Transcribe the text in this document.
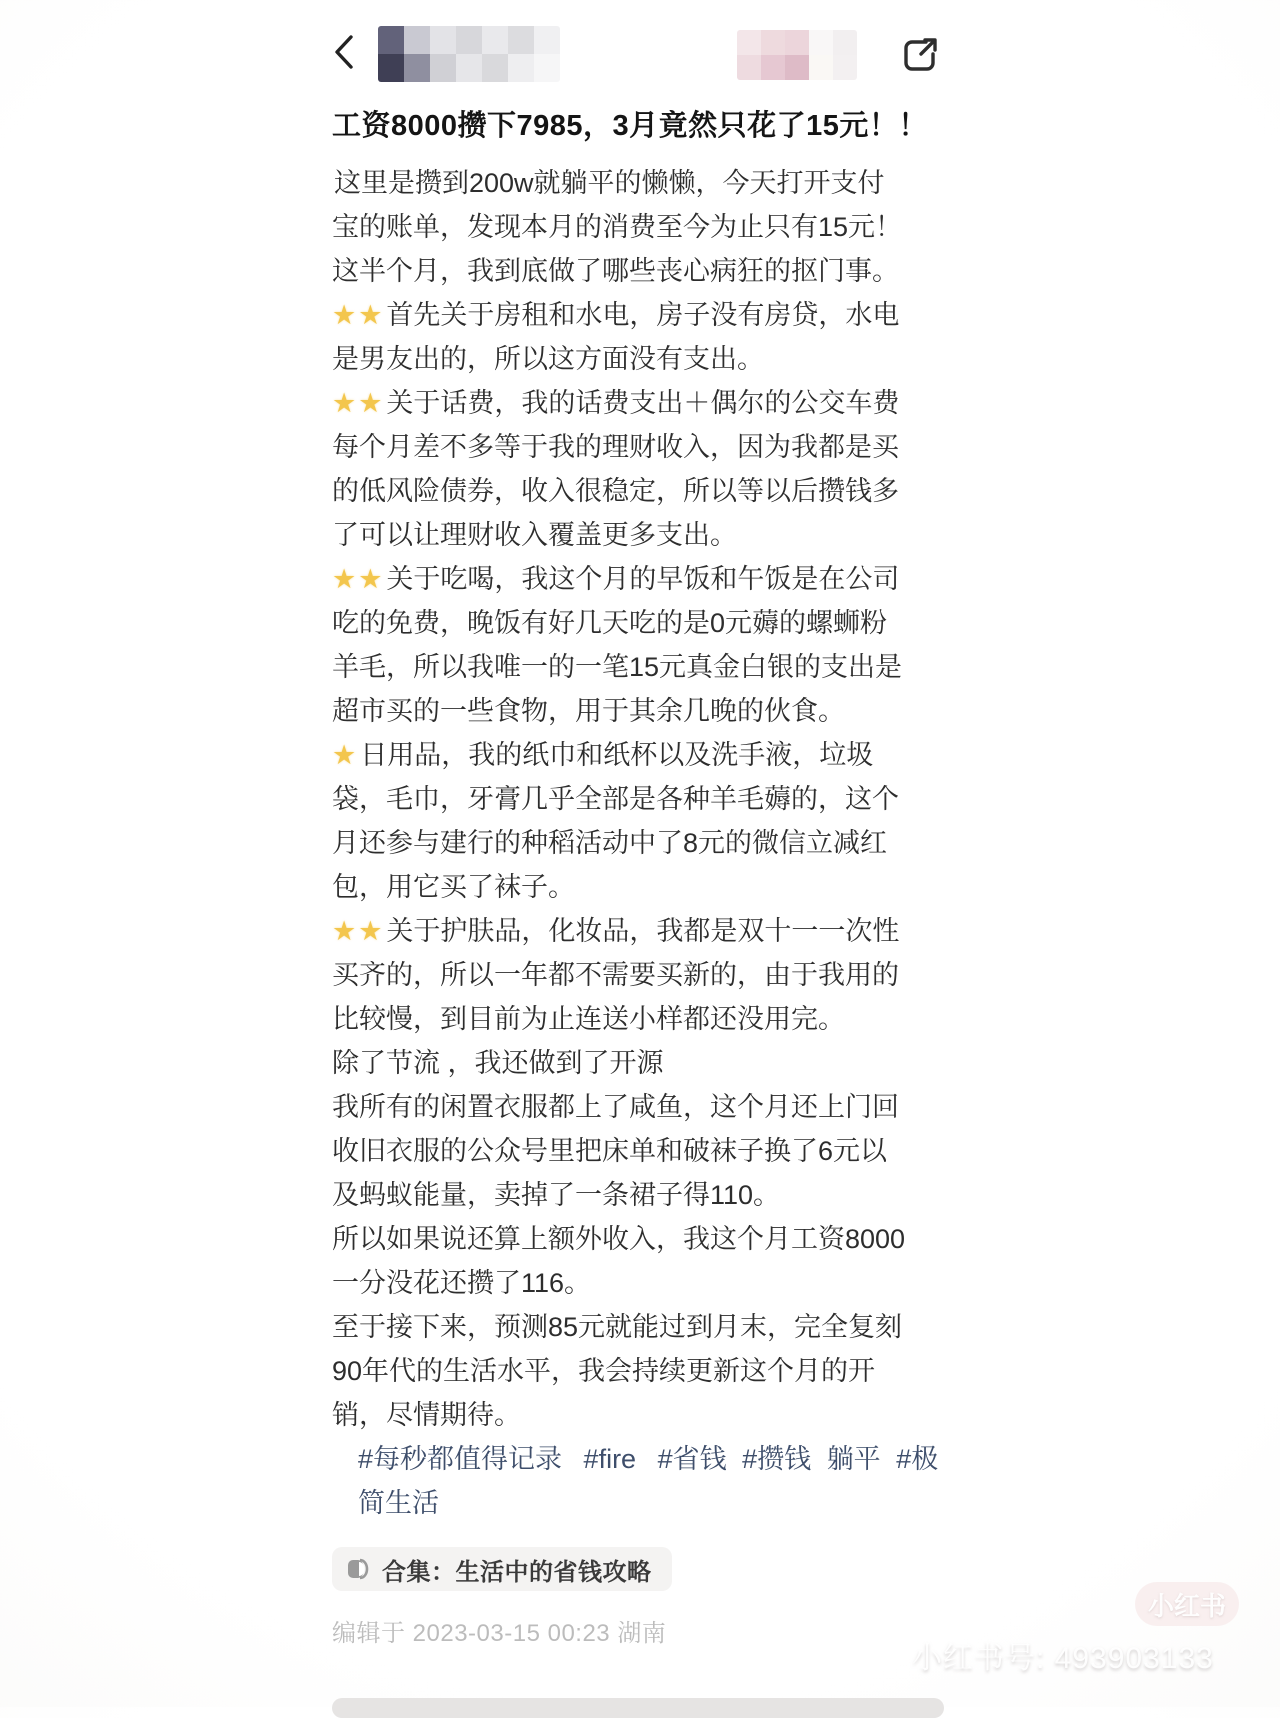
工资8000攒下7985，3月竟然只花了15元！！

这里是攒到200w就躺平的懒懒，今天打开支付宝的账单，发现本月的消费至今为止只有15元！这半个月，我到底做了哪些丧心病狂的抠门事。

★★首先关于房租和水电，房子没有房贷，水电是男友出的，所以这方面没有支出。

★★关于话费，我的话费支出＋偶尔的公交车费每个月差不多等于我的理财收入，因为我都是买的低风险债券，收入很稳定，所以等以后攒钱多了可以让理财收入覆盖更多支出。

★★关于吃喝，我这个月的早饭和午饭是在公司吃的免费，晚饭有好几天吃的是0元薅的螺蛳粉羊毛，所以我唯一的一笔15元真金白银的支出是超市买的一些食物，用于其余几晚的伙食。

★日用品，我的纸巾和纸杯以及洗手液，垃圾袋，毛巾，牙膏几乎全部是各种羊毛薅的，这个月还参与建行的种稻活动中了8元的微信立减红包，用它买了袜子。

★★关于护肤品，化妆品，我都是双十一一次性买齐的，所以一年都不需要买新的，由于我用的比较慢，到目前为止连送小样都还没用完。

除了节流 ，我还做到了开源

我所有的闲置衣服都上了咸鱼，这个月还上门回收旧衣服的公众号里把床单和破袜子换了6元以及蚂蚁能量，卖掉了一条裙子得110。

所以如果说还算上额外收入，我这个月工资8000一分没花还攒了116。

至于接下来，预测85元就能过到月末，完全复刻90年代的生活水平，我会持续更新这个月的开销，尽情期待。

#每秒都值得记录 #fire #省钱 #攒钱 躺平 #极简生活
合集：生活中的省钱攻略
编辑于 2023-03-15 00:23 湖南
小红书
小红书号: 493903133
